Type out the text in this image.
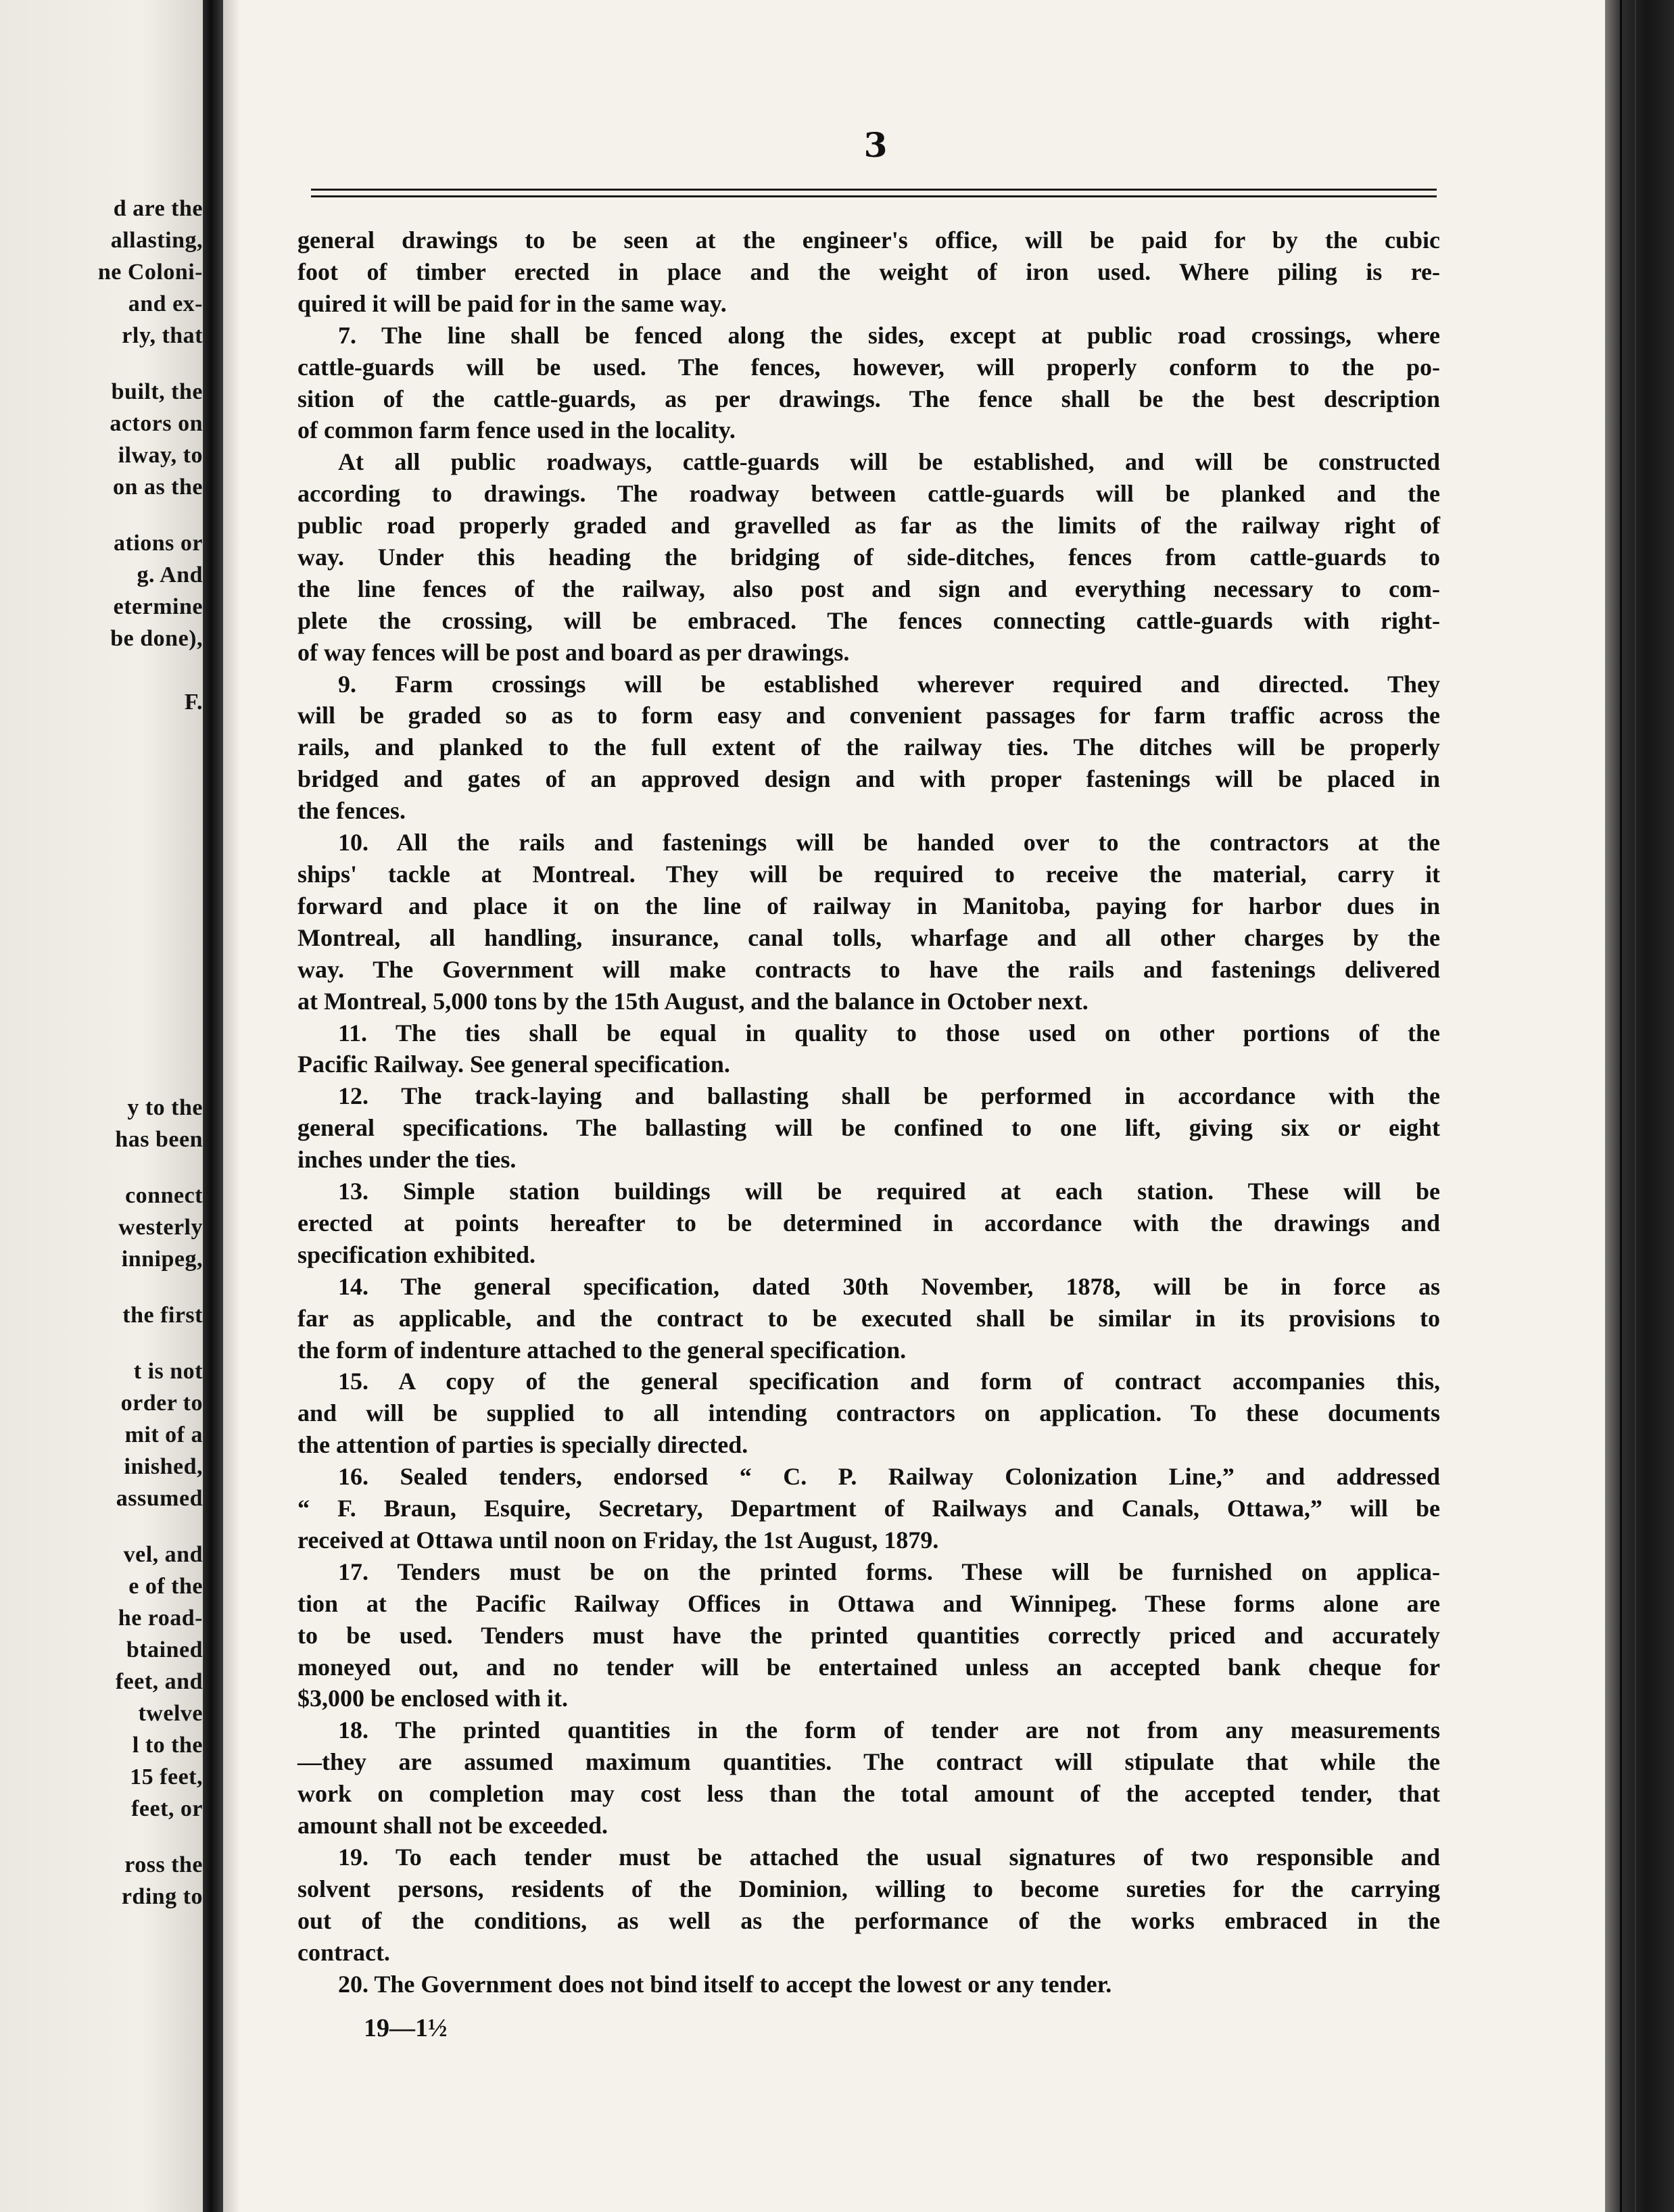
d are the
allasting,
ne Coloni-
and ex-
rly, that
built, the
actors on
ilway, to
on as the
ations or
g. And
etermine
be done),
F.
y to the
has been
connect
westerly
innipeg,
the first
t is not
order to
mit of a
inished,
assumed
vel, and
e of the
he road-
btained
feet, and
twelve
l to the
15 feet,
feet, or
ross the
rding to
3
general drawings to be seen at the engineer's office, will be paid for by the cubic
foot of timber erected in place and the weight of iron used. Where piling is re-
quired it will be paid for in the same way.
7. The line shall be fenced along the sides, except at public road crossings, where
cattle-guards will be used. The fences, however, will properly conform to the po-
sition of the cattle-guards, as per drawings. The fence shall be the best description
of common farm fence used in the locality.
At all public roadways, cattle-guards will be established, and will be constructed
according to drawings. The roadway between cattle-guards will be planked and the
public road properly graded and gravelled as far as the limits of the railway right of
way. Under this heading the bridging of side-ditches, fences from cattle-guards to
the line fences of the railway, also post and sign and everything necessary to com-
plete the crossing, will be embraced. The fences connecting cattle-guards with right-
of way fences will be post and board as per drawings.
9. Farm crossings will be established wherever required and directed. They
will be graded so as to form easy and convenient passages for farm traffic across the
rails, and planked to the full extent of the railway ties. The ditches will be properly
bridged and gates of an approved design and with proper fastenings will be placed in
the fences.
10. All the rails and fastenings will be handed over to the contractors at the
ships' tackle at Montreal. They will be required to receive the material, carry it
forward and place it on the line of railway in Manitoba, paying for harbor dues in
Montreal, all handling, insurance, canal tolls, wharfage and all other charges by the
way. The Government will make contracts to have the rails and fastenings delivered
at Montreal, 5,000 tons by the 15th August, and the balance in October next.
11. The ties shall be equal in quality to those used on other portions of the
Pacific Railway. See general specification.
12. The track-laying and ballasting shall be performed in accordance with the
general specifications. The ballasting will be confined to one lift, giving six or eight
inches under the ties.
13. Simple station buildings will be required at each station. These will be
erected at points hereafter to be determined in accordance with the drawings and
specification exhibited.
14. The general specification, dated 30th November, 1878, will be in force as
far as applicable, and the contract to be executed shall be similar in its provisions to
the form of indenture attached to the general specification.
15. A copy of the general specification and form of contract accompanies this,
and will be supplied to all intending contractors on application. To these documents
the attention of parties is specially directed.
16. Sealed tenders, endorsed “ C. P. Railway Colonization Line,” and addressed
“ F. Braun, Esquire, Secretary, Department of Railways and Canals, Ottawa,” will be
received at Ottawa until noon on Friday, the 1st August, 1879.
17. Tenders must be on the printed forms. These will be furnished on applica-
tion at the Pacific Railway Offices in Ottawa and Winnipeg. These forms alone are
to be used. Tenders must have the printed quantities correctly priced and accurately
moneyed out, and no tender will be entertained unless an accepted bank cheque for
$3,000 be enclosed with it.
18. The printed quantities in the form of tender are not from any measurements
—they are assumed maximum quantities. The contract will stipulate that while the
work on completion may cost less than the total amount of the accepted tender, that
amount shall not be exceeded.
19. To each tender must be attached the usual signatures of two responsible and
solvent persons, residents of the Dominion, willing to become sureties for the carrying
out of the conditions, as well as the performance of the works embraced in the
contract.
20. The Government does not bind itself to accept the lowest or any tender.
19—1½
